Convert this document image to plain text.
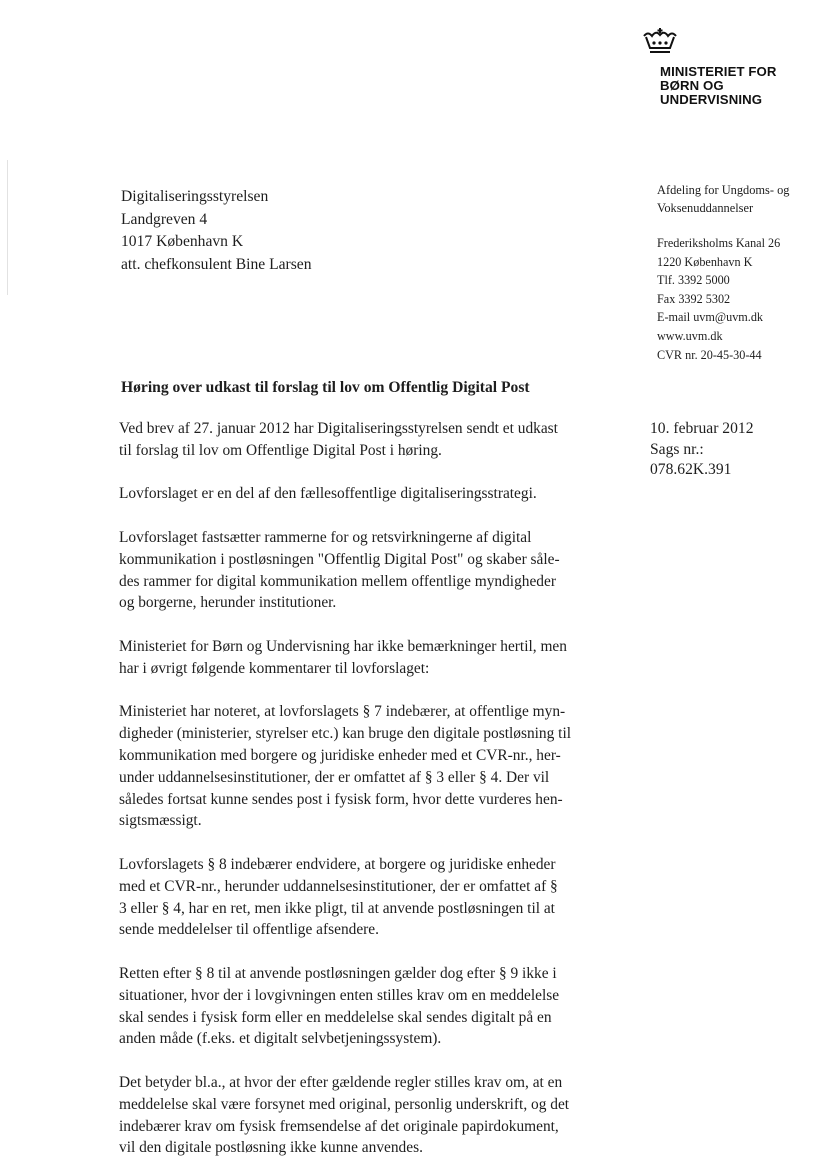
MINISTERIET FOR
BØRN OG
UNDERVISNING
Digitaliseringsstyrelsen
Landgreven 4
1017 København K
att. chefkonsulent Bine Larsen
Afdeling for Ungdoms- og
Voksenuddannelser
Frederiksholms Kanal 26
1220 København K
Tlf. 3392 5000
Fax 3392 5302
E-mail uvm@uvm.dk
www.uvm.dk
CVR nr. 20-45-30-44
10. februar 2012
Sags nr.:
078.62K.391
Høring over udkast til forslag til lov om Offentlig Digital Post

Ved brev af 27. januar 2012 har Digitaliseringsstyrelsen sendt et udkast
til forslag til lov om Offentlige Digital Post i høring.

Lovforslaget er en del af den fællesoffentlige digitaliseringsstrategi.

Lovforslaget fastsætter rammerne for og retsvirkningerne af digital
kommunikation i postløsningen "Offentlig Digital Post" og skaber såle-
des rammer for digital kommunikation mellem offentlige myndigheder
og borgerne, herunder institutioner.

Ministeriet for Børn og Undervisning har ikke bemærkninger hertil, men
har i øvrigt følgende kommentarer til lovforslaget:

Ministeriet har noteret, at lovforslagets § 7 indebærer, at offentlige myn-
digheder (ministerier, styrelser etc.) kan bruge den digitale postløsning til
kommunikation med borgere og juridiske enheder med et CVR-nr., her-
under uddannelsesinstitutioner, der er omfattet af § 3 eller § 4. Der vil
således fortsat kunne sendes post i fysisk form, hvor dette vurderes hen-
sigtsmæssigt.

Lovforslagets § 8 indebærer endvidere, at borgere og juridiske enheder
med et CVR-nr., herunder uddannelsesinstitutioner, der er omfattet af §
3 eller § 4, har en ret, men ikke pligt, til at anvende postløsningen til at
sende meddelelser til offentlige afsendere.

Retten efter § 8 til at anvende postløsningen gælder dog efter § 9 ikke i
situationer, hvor der i lovgivningen enten stilles krav om en meddelelse
skal sendes i fysisk form eller en meddelelse skal sendes digitalt på en
anden måde (f.eks. et digitalt selvbetjeningssystem).

Det betyder bl.a., at hvor der efter gældende regler stilles krav om, at en
meddelelse skal være forsynet med original, personlig underskrift, og det
indebærer krav om fysisk fremsendelse af det originale papirdokument,
vil den digitale postløsning ikke kunne anvendes.
